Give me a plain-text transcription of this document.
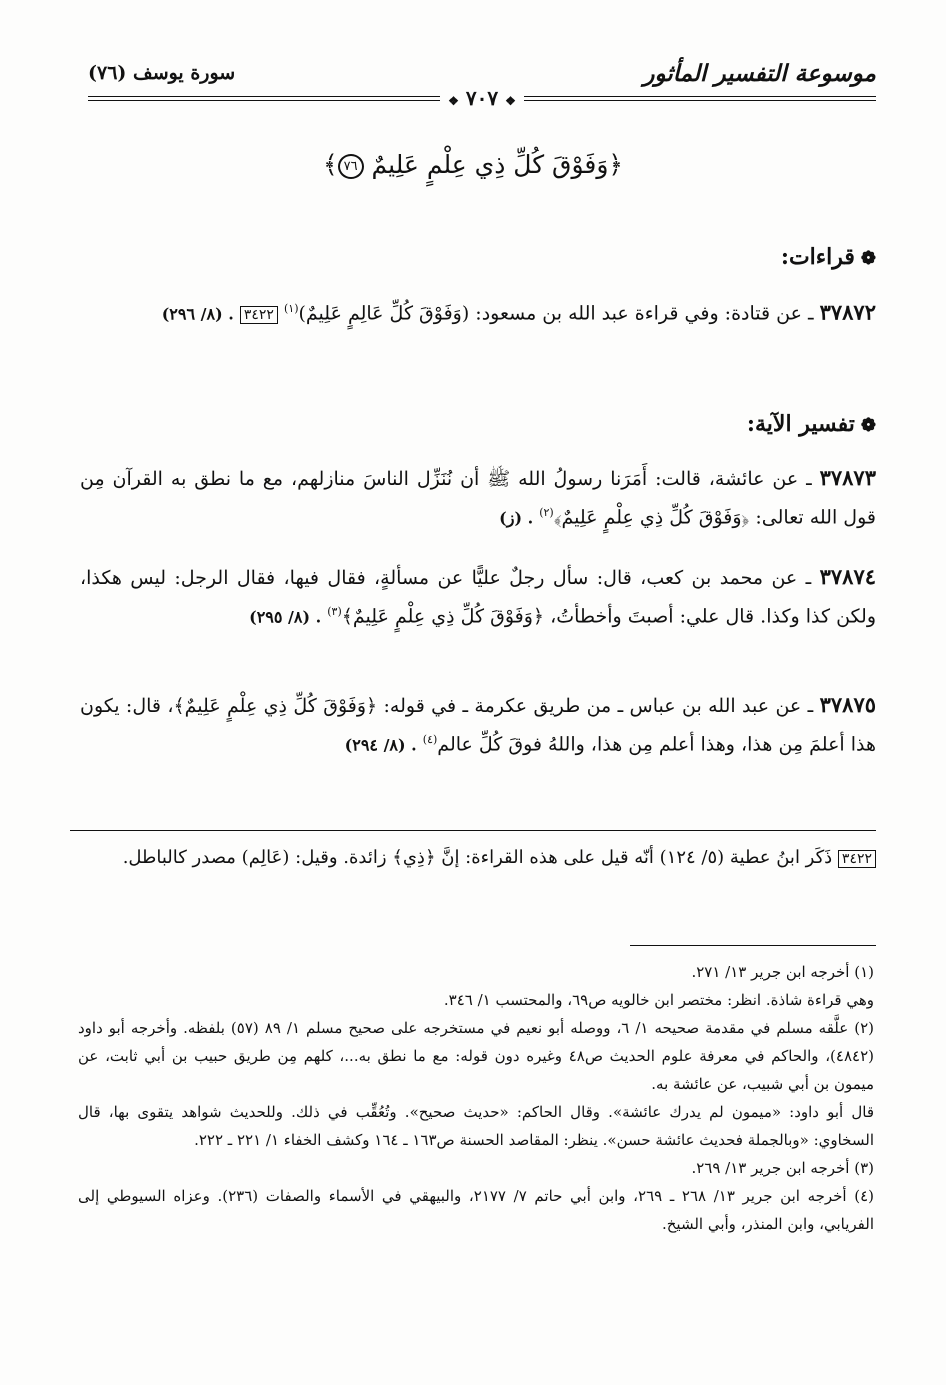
موسوعة التفسير المأثور
سورة يوسف (٧٦)
❖ ٧٠٧ ❖
﴿وَفَوْقَ كُلِّ ذِي عِلْمٍ عَلِيمٌ ٧٦﴾
❁قراءات:
٣٧٨٧٢ ـ عن قتادة: وفي قراءة عبد الله بن مسعود: (وَفَوْقَ كُلِّ عَالِمٍ عَلِيمٌ)$^{(١)}$ ٣٤٢٢ . (٨/ ٢٩٦)
❁تفسير الآية:
٣٧٨٧٣ ـ عن عائشة، قالت: أَمَرَنا رسولُ الله ﷺ أن نُنَزِّل الناسَ منازلهم، مع ما نطق به القرآن مِن قول الله تعالى: ﴿وَفَوْقَ كُلِّ ذِي عِلْمٍ عَلِيمٌ﴾$^{(٢)}$ . (ز)
٣٧٨٧٤ ـ عن محمد بن كعب، قال: سأل رجلٌ عليًّا عن مسألةٍ، فقال فيها، فقال الرجل: ليس هكذا، ولكن كذا وكذا. قال علي: أصبتَ وأخطأتُ، ﴿وَفَوْقَ كُلِّ ذِي عِلْمٍ عَلِيمٌ﴾$^{(٣)}$ . (٨/ ٢٩٥)
٣٧٨٧٥ ـ عن عبد الله بن عباس ـ من طريق عكرمة ـ في قوله: ﴿وَفَوْقَ كُلِّ ذِي عِلْمٍ عَلِيمٌ﴾، قال: يكون هذا أعلمَ مِن هذا، وهذا أعلم مِن هذا، واللهُ فوقَ كُلِّ عالم$^{(٤)}$ . (٨/ ٢٩٤)
٣٤٢٢ ذَكَر ابنُ عطية (٥/ ١٢٤) أنّه قيل على هذه القراءة: إنَّ ﴿ذِي﴾ زائدة. وقيل: (عَالِم) مصدر كالباطل.

(١) أخرجه ابن جرير ١٣/ ٢٧١.

وهي قراءة شاذة. انظر: مختصر ابن خالويه ص٦٩، والمحتسب ١/ ٣٤٦.

(٢) علَّقه مسلم في مقدمة صحيحه ١/ ٦، ووصله أبو نعيم في مستخرجه على صحيح مسلم ١/ ٨٩ (٥٧) بلفظه. وأخرجه أبو داود (٤٨٤٢)، والحاكم في معرفة علوم الحديث ص٤٨ وغيره دون قوله: مع ما نطق به...، كلهم مِن طريق حبيب بن أبي ثابت، عن ميمون بن أبي شبيب، عن عائشة به.

قال أبو داود: «ميمون لم يدرك عائشة». وقال الحاكم: «حديث صحيح». وتُعُقِّب في ذلك. وللحديث شواهد يتقوى بها، قال السخاوي: «وبالجملة فحديث عائشة حسن». ينظر: المقاصد الحسنة ص١٦٣ ـ ١٦٤ وكشف الخفاء ١/ ٢٢١ ـ ٢٢٢.

(٣) أخرجه ابن جرير ١٣/ ٢٦٩.

(٤) أخرجه ابن جرير ١٣/ ٢٦٨ ـ ٢٦٩، وابن أبي حاتم ٧/ ٢١٧٧، والبيهقي في الأسماء والصفات (٢٣٦). وعزاه السيوطي إلى الفريابي، وابن المنذر، وأبي الشيخ.
